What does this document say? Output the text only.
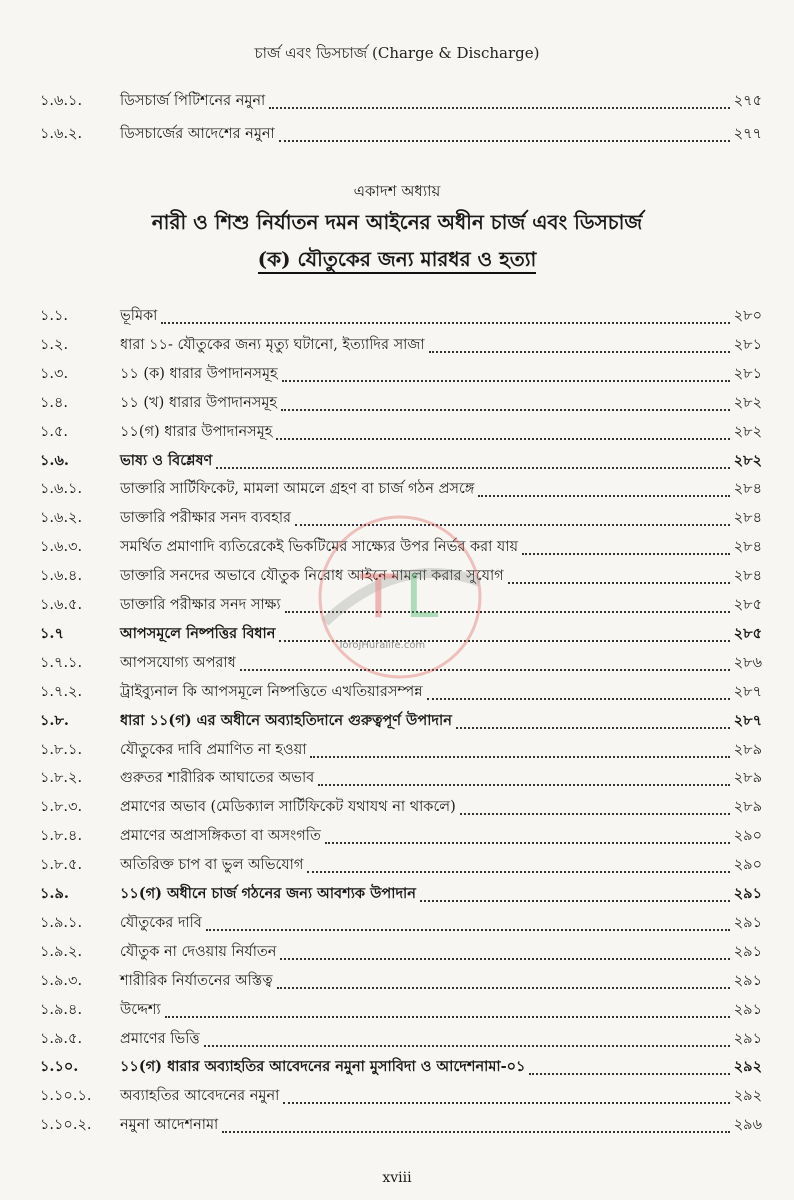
চার্জ এবং ডিসচার্জ (Charge & Discharge)
১.৬.১.	ডিসচার্জ পিটিশনের নমুনা	২৭৫
১.৬.২.	ডিসচার্জের আদেশের নমুনা	২৭৭
একাদশ অধ্যায়
নারী ও শিশু নির্যাতন দমন আইনের অধীন চার্জ এবং ডিসচার্জ
(ক) যৌতুকের জন্য মারধর ও হত্যা
১.১.	ভূমিকা	২৮০
১.২.	ধারা ১১- যৌতুকের জন্য মৃত্যু ঘটানো, ইত্যাদির সাজা	২৮১
১.৩.	১১ (ক) ধারার উপাদানসমূহ	২৮১
১.৪.	১১ (খ) ধারার উপাদানসমূহ	২৮২
১.৫.	১১(গ) ধারার উপাদানসমূহ	২৮২
১.৬.	ভাষ্য ও বিশ্লেষণ	২৮২
১.৬.১.	ডাক্তারি সার্টিফিকেট, মামলা আমলে গ্রহণ বা চার্জ গঠন প্রসঙ্গে	২৮৪
১.৬.২.	ডাক্তারি পরীক্ষার সনদ ব্যবহার	২৮৪
১.৬.৩.	সমর্থিত প্রমাণাদি ব্যতিরেকেই ভিকটিমের সাক্ষ্যের উপর নির্ভর করা যায়	২৮৪
১.৬.৪.	ডাক্তারি সনদের অভাবে যৌতুক নিরোধ আইনে মামলা করার সুযোগ	২৮৪
১.৬.৫.	ডাক্তারি পরীক্ষার সনদ সাক্ষ্য	২৮৫
১.৭	আপসমূলে নিষ্পত্তির বিধান	২৮৫
১.৭.১.	আপসযোগ্য অপরাধ	২৮৬
১.৭.২.	ট্রাইব্যুনাল কি আপসমূলে নিষ্পত্তিতে এখতিয়ারসম্পন্ন	২৮৭
১.৮.	ধারা ১১(গ) এর অধীনে অব্যাহতিদানে গুরুত্বপূর্ণ উপাদান	২৮৭
১.৮.১.	যৌতুকের দাবি প্রমাণিত না হওয়া	২৮৯
১.৮.২.	গুরুতর শারীরিক আঘাতের অভাব	২৮৯
১.৮.৩.	প্রমাণের অভাব (মেডিক্যাল সার্টিফিকেট যথাযথ না থাকলে)	২৮৯
১.৮.৪.	প্রমাণের অপ্রাসঙ্গিকতা বা অসংগতি	২৯০
১.৮.৫.	অতিরিক্ত চাপ বা ভুল অভিযোগ	২৯০
১.৯.	১১(গ) অধীনে চার্জ গঠনের জন্য আবশ্যক উপাদান	২৯১
১.৯.১.	যৌতুকের দাবি	২৯১
১.৯.২.	যৌতুক না দেওয়ায় নির্যাতন	২৯১
১.৯.৩.	শারীরিক নির্যাতনের অস্তিত্ব	২৯১
১.৯.৪.	উদ্দেশ্য	২৯১
১.৯.৫.	প্রমাণের ভিত্তি	২৯১
১.১০.	১১(গ) ধারার অব্যাহতির আবেদনের নমুনা মুসাবিদা ও আদেশনামা-০১	২৯২
১.১০.১.	অব্যাহতির আবেদনের নমুনা	২৯২
১.১০.২.	নমুনা আদেশনামা	২৯৬
T L
TorojHuralife.com
xviii
